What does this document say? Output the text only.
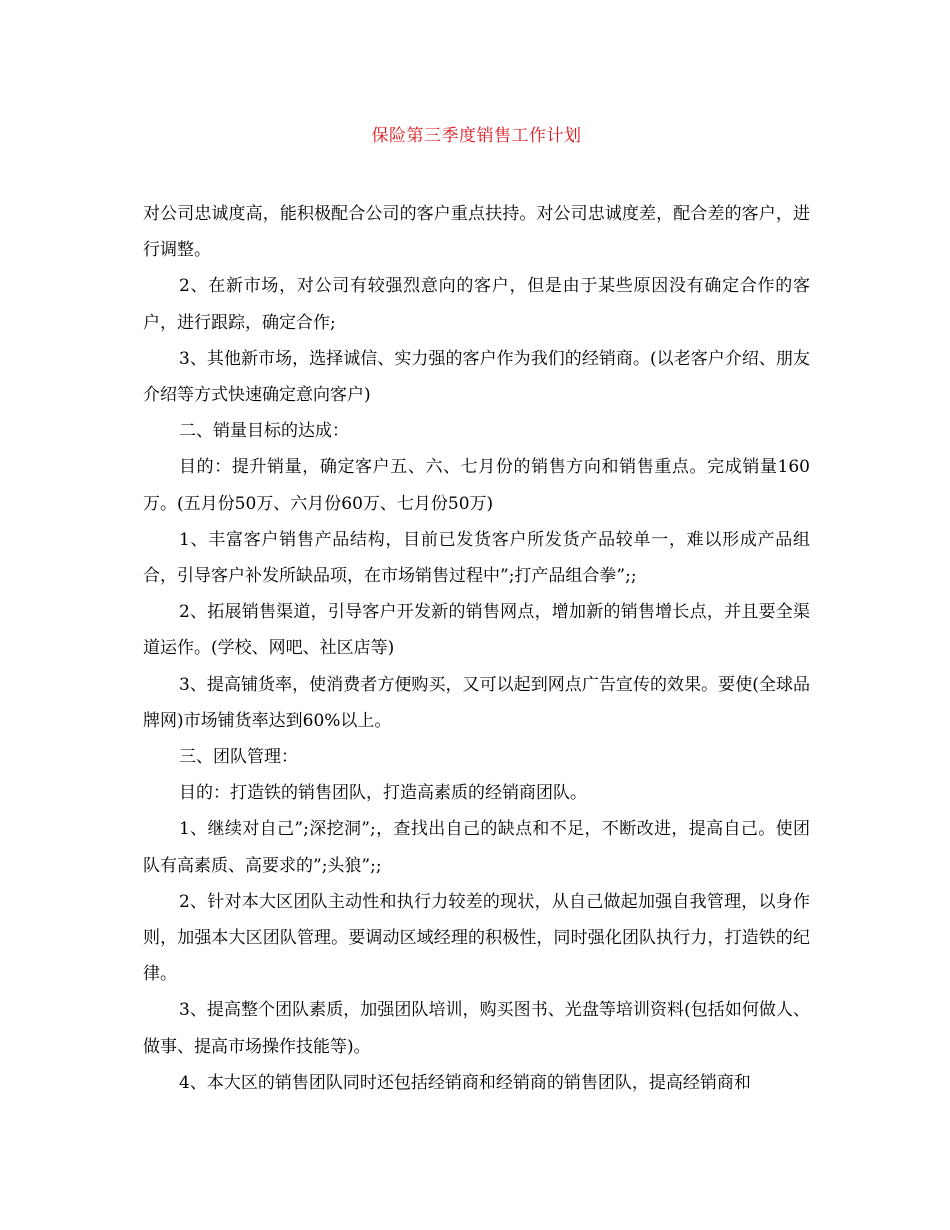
保险第三季度销售工作计划

对公司忠诚度高，能积极配合公司的客户重点扶持。对公司忠诚度差，配合差的客户，进行调整。

2、在新市场，对公司有较强烈意向的客户，但是由于某些原因没有确定合作的客户，进行跟踪，确定合作;

3、其他新市场，选择诚信、实力强的客户作为我们的经销商。(以老客户介绍、朋友介绍等方式快速确定意向客户)

二、销量目标的达成：

目的：提升销量，确定客户五、六、七月份的销售方向和销售重点。完成销量160万。(五月份50万、六月份60万、七月份50万)

1、丰富客户销售产品结构，目前已发货客户所发货产品较单一，难以形成产品组合，引导客户补发所缺品项，在市场销售过程中”;打产品组合拳”;;

2、拓展销售渠道，引导客户开发新的销售网点，增加新的销售增长点，并且要全渠道运作。(学校、网吧、社区店等)

3、提高铺货率，使消费者方便购买，又可以起到网点广告宣传的效果。要使(全球品牌网)市场铺货率达到60%以上。

三、团队管理：

目的：打造铁的销售团队，打造高素质的经销商团队。

1、继续对自己”;深挖洞”;，查找出自己的缺点和不足，不断改进，提高自己。使团队有高素质、高要求的”;头狼”;;

2、针对本大区团队主动性和执行力较差的现状，从自己做起加强自我管理，以身作则，加强本大区团队管理。要调动区域经理的积极性，同时强化团队执行力，打造铁的纪律。

3、提高整个团队素质，加强团队培训，购买图书、光盘等培训资料(包括如何做人、做事、提高市场操作技能等)。

4、本大区的销售团队同时还包括经销商和经销商的销售团队，提高经销商和
